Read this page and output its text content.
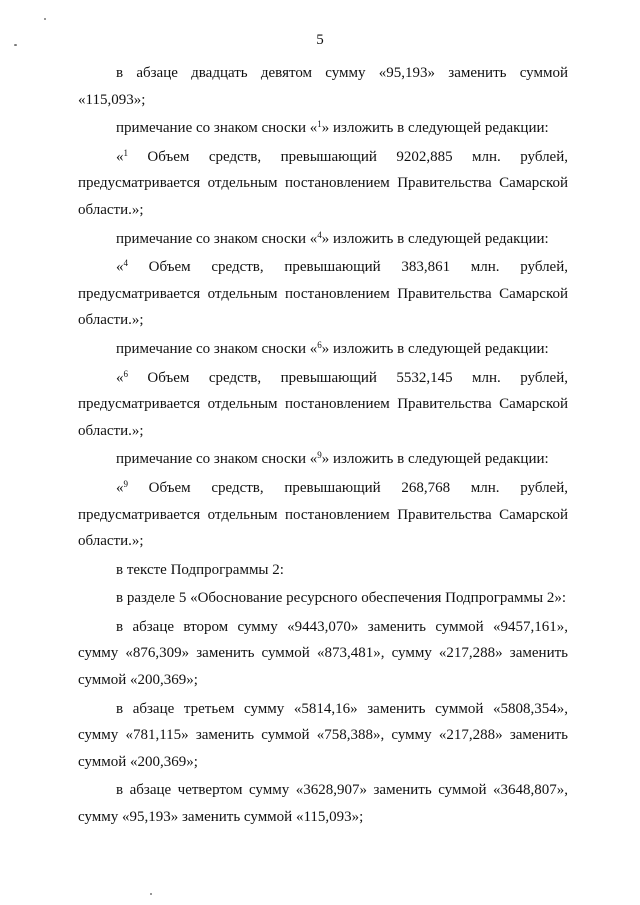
5

в абзаце двадцать девятом сумму «95,193» заменить суммой «115,093»;

примечание со знаком сноски «$^1$» изложить в следующей редакции:

«$^1$ Объем средств, превышающий 9202,885 млн. рублей, предусматривается отдельным постановлением Правительства Самарской области.»;

примечание со знаком сноски «$^4$» изложить в следующей редакции:

«$^4$ Объем средств, превышающий 383,861 млн. рублей, предусматривается отдельным постановлением Правительства Самарской области.»;

примечание со знаком сноски «$^6$» изложить в следующей редакции:

«$^6$ Объем средств, превышающий 5532,145 млн. рублей, предусматривается отдельным постановлением Правительства Самарской области.»;

примечание со знаком сноски «$^9$» изложить в следующей редакции:

«$^9$ Объем средств, превышающий 268,768 млн. рублей, предусматривается отдельным постановлением Правительства Самарской области.»;

в тексте Подпрограммы 2:

в разделе 5 «Обоснование ресурсного обеспечения Подпрограммы 2»:

в абзаце втором сумму «9443,070» заменить суммой «9457,161», сумму «876,309» заменить суммой «873,481», сумму «217,288» заменить суммой «200,369»;

в абзаце третьем сумму «5814,16» заменить суммой «5808,354», сумму «781,115» заменить суммой «758,388», сумму «217,288» заменить суммой «200,369»;

в абзаце четвертом сумму «3628,907» заменить суммой «3648,807», сумму «95,193» заменить суммой «115,093»;
